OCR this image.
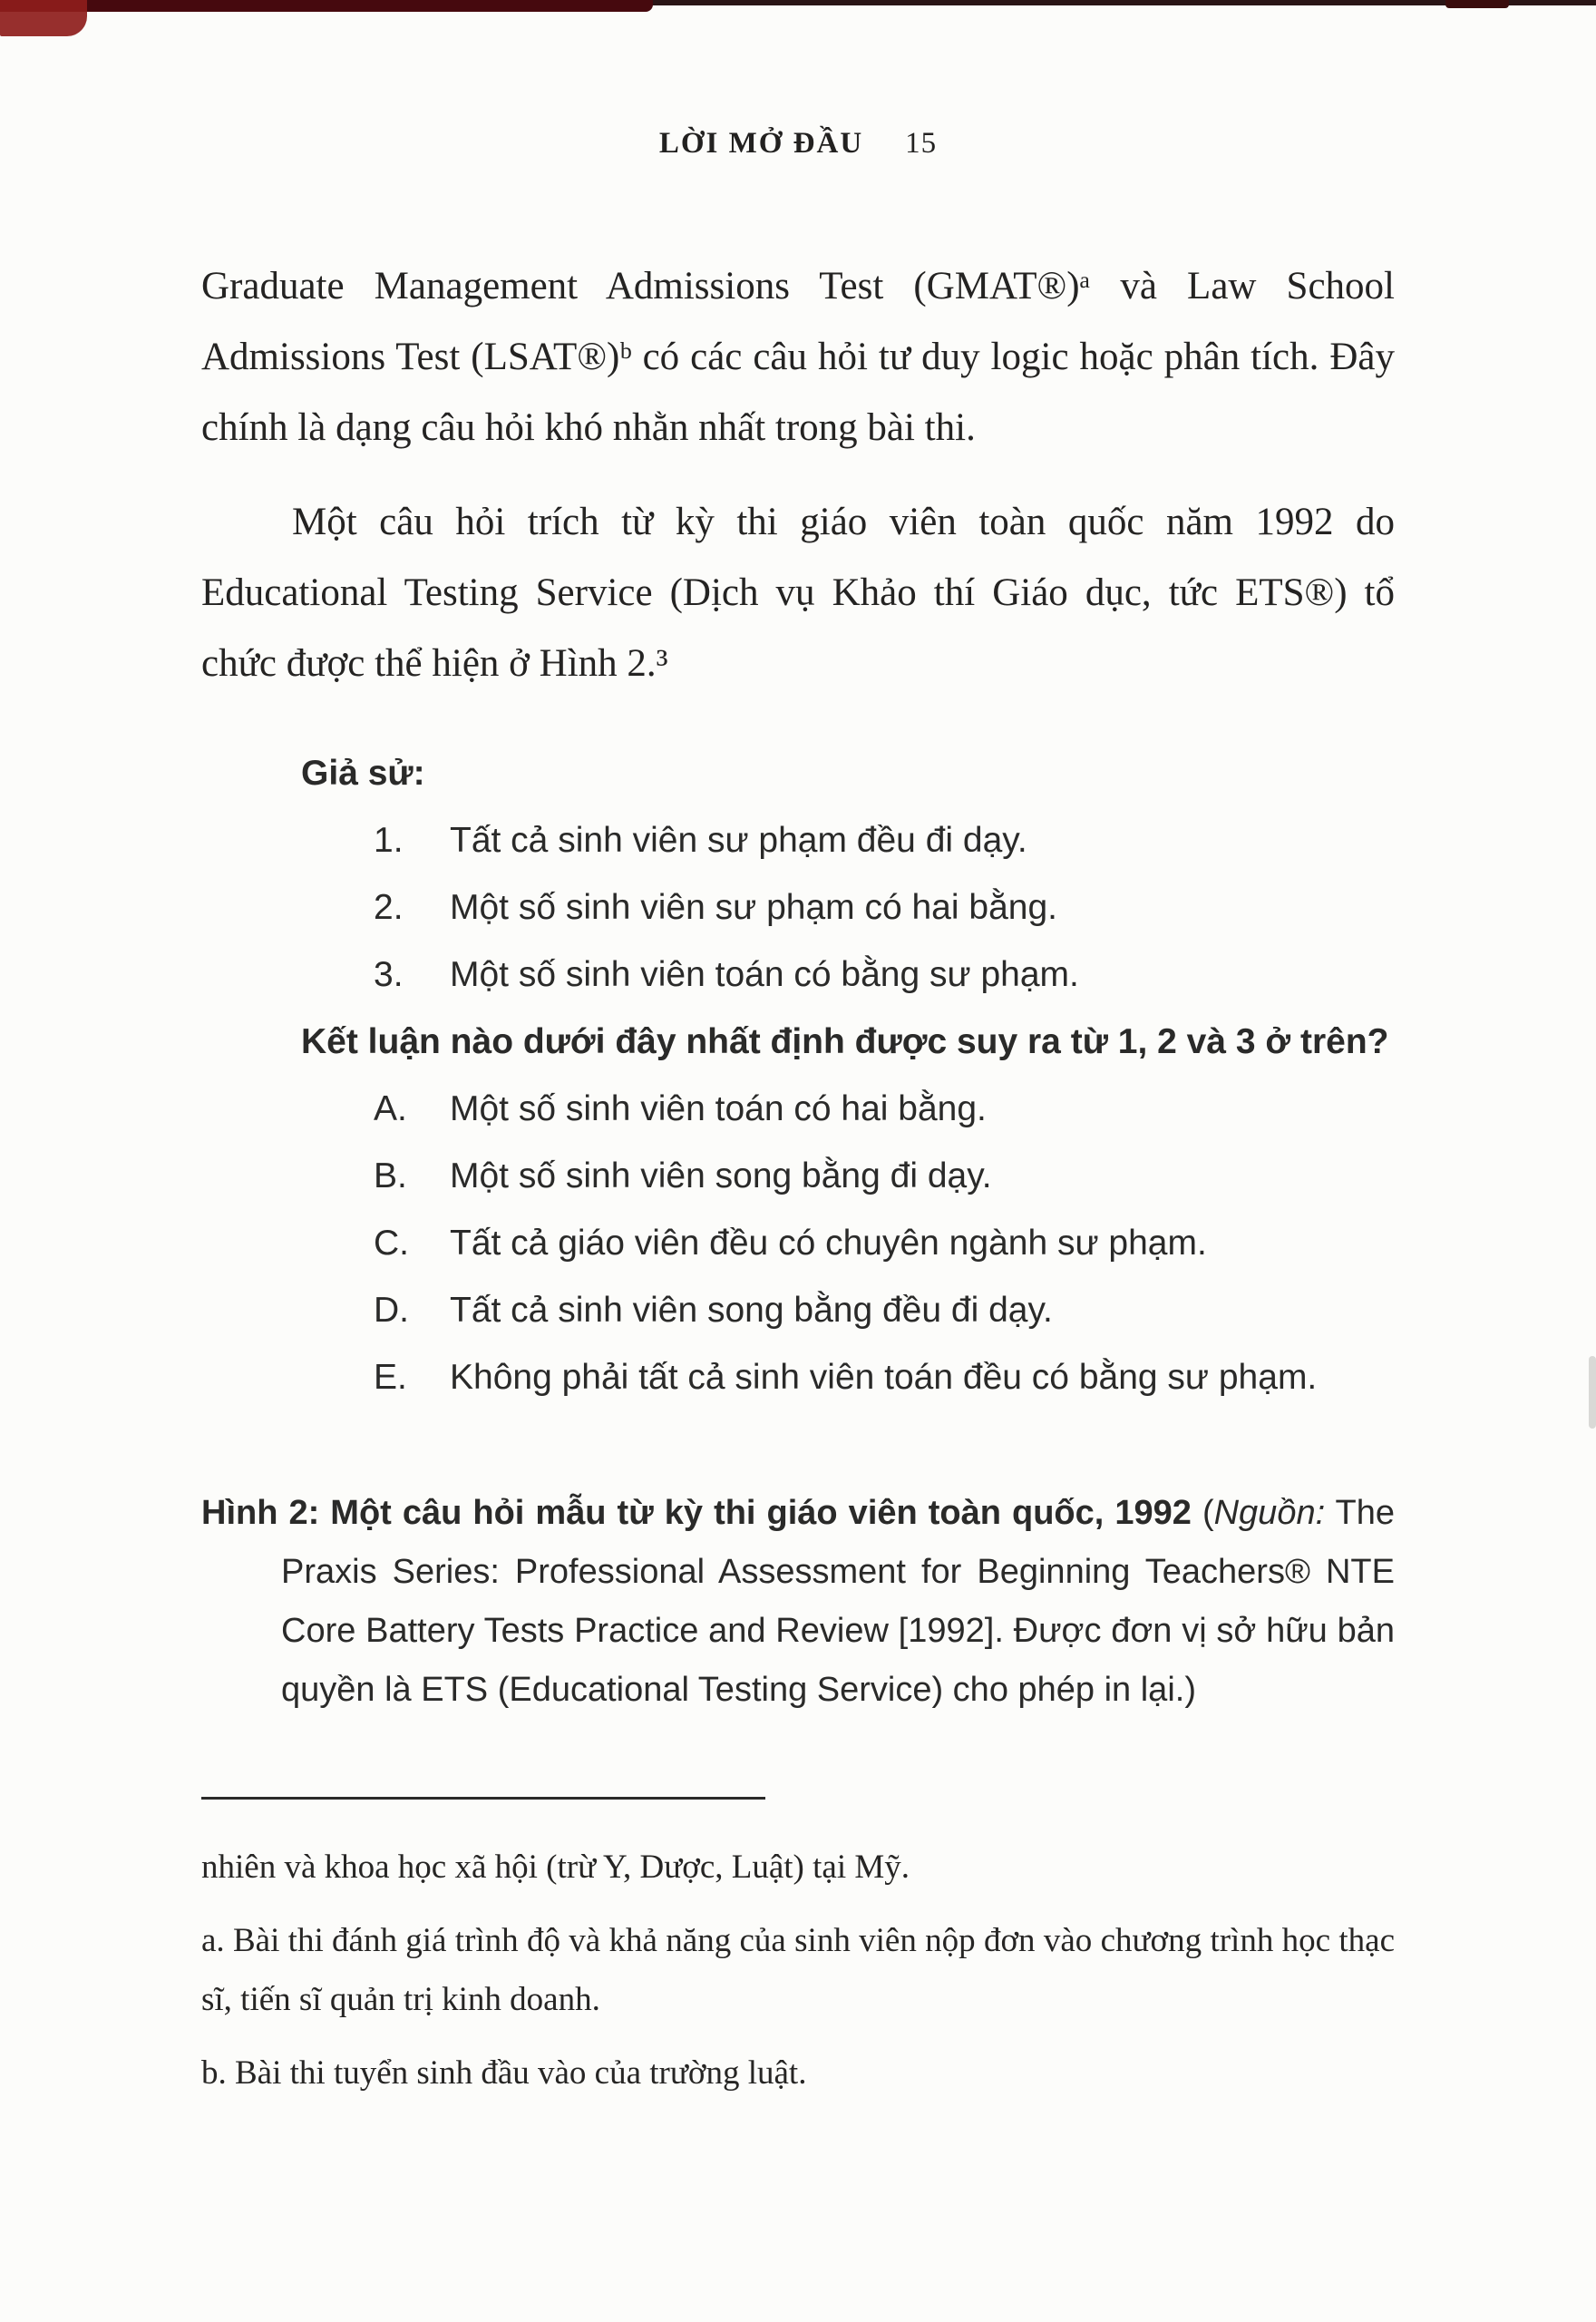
LỜI MỞ ĐẦU 15

Graduate Management Admissions Test (GMAT®)ᵃ và Law School Admissions Test (LSAT®)ᵇ có các câu hỏi tư duy logic hoặc phân tích. Đây chính là dạng câu hỏi khó nhằn nhất trong bài thi.

Một câu hỏi trích từ kỳ thi giáo viên toàn quốc năm 1992 do Educational Testing Service (Dịch vụ Khảo thí Giáo dục, tức ETS®) tổ chức được thể hiện ở Hình 2.³

Giả sử:
1.	Tất cả sinh viên sư phạm đều đi dạy.
2.	Một số sinh viên sư phạm có hai bằng.
3.	Một số sinh viên toán có bằng sư phạm.
Kết luận nào dưới đây nhất định được suy ra từ 1, 2 và 3 ở trên?
A.	Một số sinh viên toán có hai bằng.
B.	Một số sinh viên song bằng đi dạy.
C.	Tất cả giáo viên đều có chuyên ngành sư phạm.
D.	Tất cả sinh viên song bằng đều đi dạy.
E.	Không phải tất cả sinh viên toán đều có bằng sư phạm.

Hình 2: Một câu hỏi mẫu từ kỳ thi giáo viên toàn quốc, 1992 (Nguồn: The Praxis Series: Professional Assessment for Beginning Teachers® NTE Core Battery Tests Practice and Review [1992]. Được đơn vị sở hữu bản quyền là ETS (Educational Testing Service) cho phép in lại.)

nhiên và khoa học xã hội (trừ Y, Dược, Luật) tại Mỹ.

a. Bài thi đánh giá trình độ và khả năng của sinh viên nộp đơn vào chương trình học thạc sĩ, tiến sĩ quản trị kinh doanh.

b. Bài thi tuyển sinh đầu vào của trường luật.
